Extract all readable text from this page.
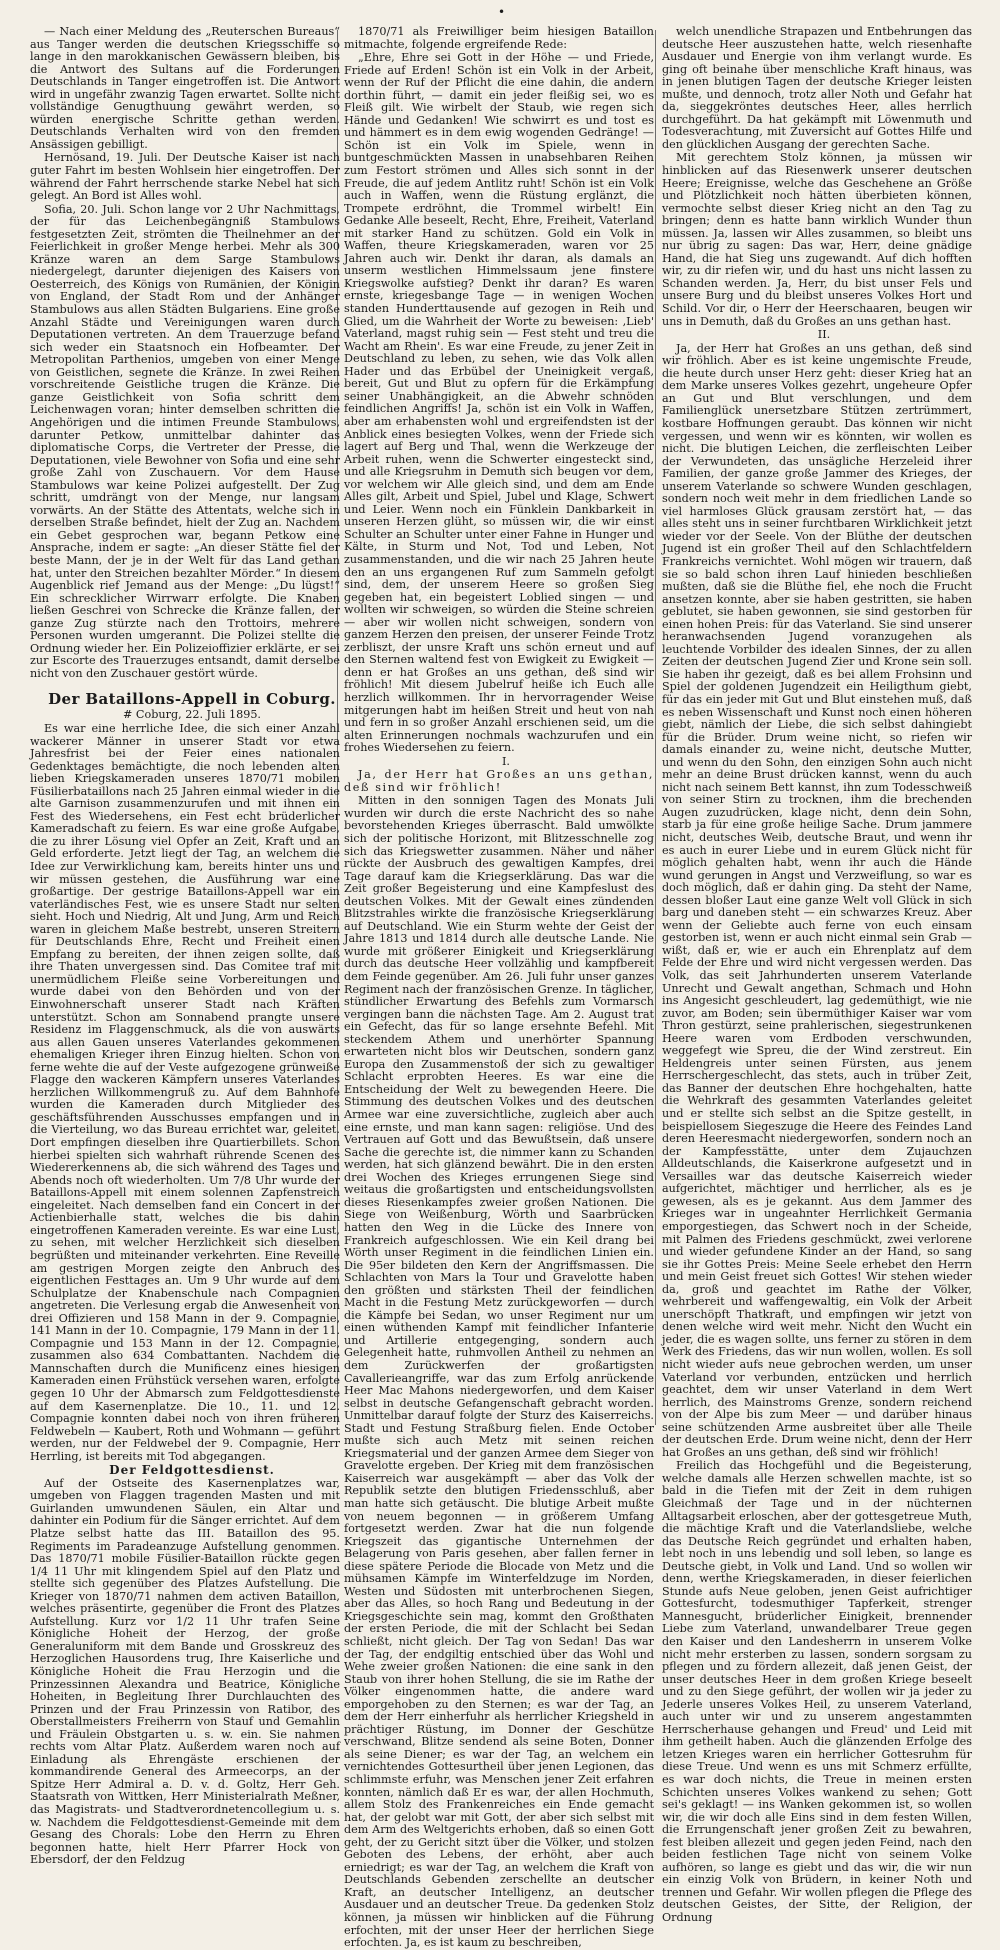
•

— Nach einer Meldung des „Reuterschen Bureaus“ aus Tanger werden die deutschen Kriegsschiffe so lange in den marokkanischen Gewässern bleiben, bis die Antwort des Sultans auf die Forderungen Deutschlands in Tanger eingetroffen ist. Die Antwort wird in ungefähr zwanzig Tagen erwartet. Sollte nicht vollständige Genugthuung gewährt werden, so würden energische Schritte gethan werden. Deutschlands Verhalten wird von den fremden Ansässigen gebilligt.

Hernösand, 19. Juli. Der Deutsche Kaiser ist nach guter Fahrt im besten Wohlsein hier eingetroffen. Der während der Fahrt herrschende starke Nebel hat sich gelegt. An Bord ist Alles wohl.

Sofia, 20. Juli. Schon lange vor 2 Uhr Nachmittags, der für das Leichenbegängniß Stambulows festgesetzten Zeit, strömten die Theilnehmer an der Feierlichkeit in großer Menge herbei. Mehr als 300 Kränze waren an dem Sarge Stambulows niedergelegt, darunter diejenigen des Kaisers von Oesterreich, des Königs von Rumänien, der Königin von England, der Stadt Rom und der Anhänger Stambulows aus allen Städten Bulgariens. Eine große Anzahl Städte und Vereinigungen waren durch Deputationen vertreten. An dem Trauerzuge befand sich weder ein Staatsnoch ein Hofbeamter. Der Metropolitan Parthenios, umgeben von einer Menge von Geistlichen, segnete die Kränze. In zwei Reihen vorschreitende Geistliche trugen die Kränze. Die ganze Geistlichkeit von Sofia schritt dem Leichenwagen voran; hinter demselben schritten die Angehörigen und die intimen Freunde Stambulows, darunter Petkow, unmittelbar dahinter das diplomatische Corps, die Vertreter der Presse, die Deputationen, viele Bewohner von Sofia und eine sehr große Zahl von Zuschauern. Vor dem Hause Stambulows war keine Polizei aufgestellt. Der Zug schritt, umdrängt von der Menge, nur langsam vorwärts. An der Stätte des Attentats, welche sich in derselben Straße befindet, hielt der Zug an. Nachdem ein Gebet gesprochen war, begann Petkow eine Ansprache, indem er sagte: „An dieser Stätte fiel der beste Mann, der je in der Welt für das Land gethan hat, unter den Streichen bezahlter Mörder.“ In diesem Augenblick rief Jemand aus der Menge: „Du lügst!“ Ein schrecklicher Wirrwarr erfolgte. Die Knaben ließen Geschrei von Schrecke die Kränze fallen, der ganze Zug stürzte nach den Trottoirs, mehrere Personen wurden umgerannt. Die Polizei stellte die Ordnung wieder her. Ein Polizeioffizier erklärte, er sei zur Escorte des Trauerzuges entsandt, damit derselbe nicht von den Zuschauer gestört würde.

Der Bataillons-Appell in Coburg.

# Coburg, 22. Juli 1895.

Es war eine herrliche Idee, die sich einer Anzahl wackerer Männer in unserer Stadt vor etwa Jahresfrist bei der Feier eines nationalen Gedenktages bemächtigte, die noch lebenden alten lieben Kriegskameraden unseres 1870/71 mobilen Füsilierbataillons nach 25 Jahren einmal wieder in die alte Garnison zusammenzurufen und mit ihnen ein Fest des Wiedersehens, ein Fest echt brüderlicher Kameradschaft zu feiern. Es war eine große Aufgabe, die zu ihrer Lösung viel Opfer an Zeit, Kraft und an Geld erforderte. Jetzt liegt der Tag, an welchem die Idee zur Verwirklichung kam, bereits hinter uns und wir müssen gestehen, die Ausführung war eine großartige. Der gestrige Bataillons-Appell war ein vaterländisches Fest, wie es unsere Stadt nur selten sieht. Hoch und Niedrig, Alt und Jung, Arm und Reich waren in gleichem Maße bestrebt, unseren Streitern für Deutschlands Ehre, Recht und Freiheit einen Empfang zu bereiten, der ihnen zeigen sollte, daß ihre Thaten unvergessen sind. Das Comitee traf mit unermüdlichem Fleiße seine Vorbereitungen und wurde dabei von den Behörden und von der Einwohnerschaft unserer Stadt nach Kräften unterstützt. Schon am Sonnabend prangte unsere Residenz im Flaggenschmuck, als die von auswärts aus allen Gauen unseres Vaterlandes gekommenen ehemaligen Krieger ihren Einzug hielten. Schon von ferne wehte die auf der Veste aufgezogene grünweiße Flagge den wackeren Kämpfern unseres Vaterlandes herzlichen Willkommengruß zu. Auf dem Bahnhofe wurden die Kameraden durch Mitglieder des geschäftsführenden Ausschusses empfangen und in die Vierteilung, wo das Bureau errichtet war, geleitet. Dort empfingen dieselben ihre Quartierbillets. Schon hierbei spielten sich wahrhaft rührende Scenen des Wiedererkennens ab, die sich während des Tages und Abends noch oft wiederholten. Um 7/8 Uhr wurde der Bataillons-Appell mit einem solennen Zapfenstreich eingeleitet. Nach demselben fand ein Concert in der Actienbierhalle statt, welches die bis dahin eingetroffenen Kameraden vereinte. Es war eine Lust, zu sehen, mit welcher Herzlichkeit sich dieselben begrüßten und miteinander verkehrten. Eine Reveille am gestrigen Morgen zeigte den Anbruch des eigentlichen Festtages an. Um 9 Uhr wurde auf dem Schulplatze der Knabenschule nach Compagnien angetreten. Die Verlesung ergab die Anwesenheit von drei Offizieren und 158 Mann in der 9. Compagnie, 141 Mann in der 10. Compagnie, 179 Mann in der 11. Compagnie und 153 Mann in der 12. Compagnie, zusammen also 634 Combattanten. Nachdem die Mannschaften durch die Munificenz eines hiesigen Kameraden einen Frühstück versehen waren, erfolgte gegen 10 Uhr der Abmarsch zum Feldgottesdienste auf dem Kasernenplatze. Die 10., 11. und 12. Compagnie konnten dabei noch von ihren früheren Feldwebeln — Kaubert, Roth und Wohmann — geführt werden, nur der Feldwebel der 9. Compagnie, Herr Herrling, ist bereits mit Tod abgegangen.

Der Feldgottesdienst.

Auf der Ostseite des Kasernenplatzes war, umgeben von Flaggen tragenden Masten und mit Guirlanden umwundenen Säulen, ein Altar und dahinter ein Podium für die Sänger errichtet. Auf dem Platze selbst hatte das III. Bataillon des 95. Regiments im Paradeanzuge Aufstellung genommen. Das 1870/71 mobile Füsilier-Bataillon rückte gegen 1/4 11 Uhr mit klingendem Spiel auf den Platz und stellte sich gegenüber des Platzes Aufstellung. Die Krieger von 1870/71 nahmen dem activen Bataillon, welches präsentirte, gegenüber die Front des Platzes Aufstellung. Kurz vor 1/2 11 Uhr trafen Seine Königliche Hoheit der Herzog, der große Generaluniform mit dem Bande und Grosskreuz des Herzoglichen Hausordens trug, Ihre Kaiserliche und Königliche Hoheit die Frau Herzogin und die Prinzessinnen Alexandra und Beatrice, Königliche Hoheiten, in Begleitung Ihrer Durchlauchten des Prinzen und der Frau Prinzessin von Ratibor, des Oberstallmeisters Freiherrn von Stauf und Gemahlin und Fräulein Obstgarten u. s. w. ein. Sie nahmen rechts vom Altar Platz. Außerdem waren noch auf Einladung als Ehrengäste erschienen der kommandirende General des Armeecorps, an der Spitze Herr Admiral a. D. v. d. Goltz, Herr Geh. Staatsrath von Wittken, Herr Ministerialrath Meßner, das Magistrats- und Stadtverordnetencollegium u. s. w. Nachdem die Feldgottesdienst-Gemeinde mit dem Gesang des Chorals: Lobe den Herrn zu Ehren begonnen hatte, hielt Herr Pfarrer Hock von Ebersdorf, der den Feldzug

1870/71 als Freiwilliger beim hiesigen Bataillon mitmachte, folgende ergreifende Rede:

„Ehre, Ehre sei Gott in der Höhe — und Friede, Friede auf Erden! Schön ist ein Volk in der Arbeit, wenn der Ruf der Pflicht die eine dahin, die andern dorthin führt, — damit ein jeder fleißig sei, wo es Fleiß gilt. Wie wirbelt der Staub, wie regen sich Hände und Gedanken! Wie schwirrt es und tost es und hämmert es in dem ewig wogenden Gedränge! — Schön ist ein Volk im Spiele, wenn in buntgeschmückten Massen in unabsehbaren Reihen zum Festort strömen und Alles sich sonnt in der Freude, die auf jedem Antlitz ruht! Schön ist ein Volk auch in Waffen, wenn die Rüstung erglänzt, die Trompete erdröhnt, die Trommel wirbelt! Ein Gedanke Alle beseelt, Recht, Ehre, Freiheit, Vaterland mit starker Hand zu schützen. Gold ein Volk in Waffen, theure Kriegskameraden, waren vor 25 Jahren auch wir. Denkt ihr daran, als damals an unserm westlichen Himmelssaum jene finstere Kriegswolke aufstieg? Denkt ihr daran? Es waren ernste, kriegesbange Tage — in wenigen Wochen standen Hunderttausende auf gezogen in Reih und Glied, um die Wahrheit der Worte zu beweisen: ,Lieb' Vaterland, magst ruhig sein — Fest steht und treu die Wacht am Rhein'. Es war eine Freude, zu jener Zeit in Deutschland zu leben, zu sehen, wie das Volk allen Hader und das Erbübel der Uneinigkeit vergaß, bereit, Gut und Blut zu opfern für die Erkämpfung seiner Unabhängigkeit, an die Abwehr schnöden feindlichen Angriffs! Ja, schön ist ein Volk in Waffen, aber am erhabensten wohl und ergreifendsten ist der Anblick eines besiegten Volkes, wenn der Friede sich lagert auf Berg und Thal, wenn die Werkzeuge der Arbeit ruhen, wenn die Schwerter eingesteckt sind, und alle Kriegsruhm in Demuth sich beugen vor dem, vor welchem wir Alle gleich sind, und dem am Ende Alles gilt, Arbeit und Spiel, Jubel und Klage, Schwert und Leier. Wenn noch ein Fünklein Dankbarkeit in unseren Herzen glüht, so müssen wir, die wir einst Schulter an Schulter unter einer Fahne in Hunger und Kälte, in Sturm und Not, Tod und Leben, Not zusammenstanden, und die wir nach 25 Jahren heute den an uns ergangenen Ruf zum Sammeln gefolgt sind, dem, der unserem Heere so großen Sieg gegeben hat, ein begeistert Loblied singen — und wollten wir schweigen, so würden die Steine schreien — aber wir wollen nicht schweigen, sondern von ganzem Herzen den preisen, der unserer Feinde Trotz zerbliszt, der unsre Kraft uns schön erneut und auf den Sternen waltend fest von Ewigkeit zu Ewigkeit — denn er hat Großes an uns gethan, deß sind wir fröhlich! Mit diesem Jubelruf heiße ich Euch alle herzlich willkommen. Ihr in hervorragender Weise mitgerungen habt im heißen Streit und heut von nah und fern in so großer Anzahl erschienen seid, um die alten Erinnerungen nochmals wachzurufen und ein frohes Wiedersehen zu feiern.

I.

Ja, der Herr hat Großes an uns gethan, deß sind wir fröhlich!

Mitten in den sonnigen Tagen des Monats Juli wurden wir durch die erste Nachricht des so nahe bevorstehenden Krieges überrascht. Bald umwölkte sich der politische Horizont, mit Blitzesschnelle zog sich das Kriegswetter zusammen. Näher und näher rückte der Ausbruch des gewaltigen Kampfes, drei Tage darauf kam die Kriegserklärung. Das war die Zeit großer Begeisterung und eine Kampfeslust des deutschen Volkes. Mit der Gewalt eines zündenden Blitzstrahles wirkte die französische Kriegserklärung auf Deutschland. Wie ein Sturm wehte der Geist der Jahre 1813 und 1814 durch alle deutsche Lande. Nie wurde mit größerer Einigkeit und Kriegserklärung durch das deutsche Heer vollzählig und kampfbereit dem Feinde gegenüber. Am 26. Juli fuhr unser ganzes Regiment nach der französischen Grenze. In täglicher, stündlicher Erwartung des Befehls zum Vormarsch vergingen bann die nächsten Tage. Am 2. August trat ein Gefecht, das für so lange ersehnte Befehl. Mit steckendem Athem und unerhörter Spannung erwarteten nicht blos wir Deutschen, sondern ganz Europa den Zusammenstoß der sich zu gewaltiger Schlacht erprobten Heeres. Es war eine die Entscheidung der Welt zu bewegenden Heere. Die Stimmung des deutschen Volkes und des deutschen Armee war eine zuversichtliche, zugleich aber auch eine ernste, und man kann sagen: religiöse. Und des Vertrauen auf Gott und das Bewußtsein, daß unsere Sache die gerechte ist, die nimmer kann zu Schanden werden, hat sich glänzend bewährt. Die in den ersten drei Wochen des Krieges errungenen Siege sind weitaus die großartigsten und entscheidungsvollsten dieses Riesenkampfes zweier großen Nationen. Die Siege von Weißenburg, Wörth und Saarbrücken hatten den Weg in die Lücke des Innere von Frankreich aufgeschlossen. Wie ein Keil drang bei Wörth unser Regiment in die feindlichen Linien ein. Die 95er bildeten den Kern der Angriffsmassen. Die Schlachten von Mars la Tour und Gravelotte haben den größten und stärksten Theil der feindlichen Macht in die Festung Metz zurückgeworfen — durch die Kämpfe bei Sedan, wo unser Regiment nur um einen wüthenden Kampf mit feindlicher Infanterie und Artillerie entgegenging, sondern auch Gelegenheit hatte, ruhmvollen Antheil zu nehmen an dem Zurückwerfen der großartigsten Cavallerieangriffe, war das zum Erfolg anrückende Heer Mac Mahons niedergeworfen, und dem Kaiser selbst in deutsche Gefangenschaft gebracht worden. Unmittelbar darauf folgte der Sturz des Kaiserreichs. Stadt und Festung Straßburg fielen. Ende October mußte sich auch Metz mit seinen reichen Kriegsmaterial und der ganzen Armee dem Sieger von Gravelotte ergeben. Der Krieg mit dem französischen Kaiserreich war ausgekämpft — aber das Volk der Republik setzte den blutigen Friedensschluß, aber man hatte sich getäuscht. Die blutige Arbeit mußte von neuem begonnen — in größerem Umfang fortgesetzt werden. Zwar hat die nun folgende Kriegszeit das gigantische Unternehmen der Belagerung von Paris gesehen, aber fallen ferner in diese spätere Periode die Blocade von Metz und die mühsamen Kämpfe im Winterfeldzuge im Norden, Westen und Südosten mit unterbrochenen Siegen, aber das Alles, so hoch Rang und Bedeutung in der Kriegsgeschichte sein mag, kommt den Großthaten der ersten Periode, die mit der Schlacht bei Sedan schließt, nicht gleich. Der Tag von Sedan! Das war der Tag, der endgiltig entschied über das Wohl und Wehe zweier großen Nationen: die eine sank in den Staub von ihrer hohen Stellung, die sie im Rathe der Völker eingenommen hatte, die andere ward emporgehoben zu den Sternen; es war der Tag, an dem der Herr einherfuhr als herrlicher Kriegsheld in prächtiger Rüstung, im Donner der Geschütze verschwand, Blitze sendend als seine Boten, Donner als seine Diener; es war der Tag, an welchem ein vernichtendes Gottesurtheil über jenen Legionen, das schlimmste erfuhr, was Menschen jener Zeit erfahren konnten, nämlich daß Er es war, der allen Hochmuth, allem Stolz des Frankenreiches ein Ende gemacht hat, der gelobt war mit Gott, der aber sich selbst mit dem Arm des Weltgerichts erhoben, daß so einen Gott geht, der zu Gericht sitzt über die Völker, und stolzen Geboten des Lebens, der erhöht, aber auch erniedrigt; es war der Tag, an welchem die Kraft von Deutschlands Gebenden zerschellte an deutscher Kraft, an deutscher Intelligenz, an deutscher Ausdauer und an deutscher Treue. Da gedenken Stolz können, ja müssen wir hinblicken auf die Führung erfochten, mit der unser Heer der herrlichen Siege erfochten. Ja, es ist kaum zu beschreiben,

welch unendliche Strapazen und Entbehrungen das deutsche Heer auszustehen hatte, welch riesenhafte Ausdauer und Energie von ihm verlangt wurde. Es ging oft beinahe über menschliche Kraft hinaus, was in jenen blutigen Tagen der deutsche Krieger leisten mußte, und dennoch, trotz aller Noth und Gefahr hat da, sieggekröntes deutsches Heer, alles herrlich durchgeführt. Da hat gekämpft mit Löwenmuth und Todesverachtung, mit Zuversicht auf Gottes Hilfe und den glücklichen Ausgang der gerechten Sache.

Mit gerechtem Stolz können, ja müssen wir hinblicken auf das Riesenwerk unserer deutschen Heere; Ereignisse, welche das Geschehene an Größe und Plötzlichkeit noch hätten überbieten können, vermochte selbst dieser Krieg nicht an den Tag zu bringen; denn es hatte bann wirklich Wunder thun müssen. Ja, lassen wir Alles zusammen, so bleibt uns nur übrig zu sagen: Das war, Herr, deine gnädige Hand, die hat Sieg uns zugewandt. Auf dich hofften wir, zu dir riefen wir, und du hast uns nicht lassen zu Schanden werden. Ja, Herr, du bist unser Fels und unsere Burg und du bleibst unseres Volkes Hort und Schild. Vor dir, o Herr der Heerschaaren, beugen wir uns in Demuth, daß du Großes an uns gethan hast.

II.

Ja, der Herr hat Großes an uns gethan, deß sind wir fröhlich. Aber es ist keine ungemischte Freude, die heute durch unser Herz geht: dieser Krieg hat an dem Marke unseres Volkes gezehrt, ungeheure Opfer an Gut und Blut verschlungen, und dem Familienglück unersetzbare Stützen zertrümmert, kostbare Hoffnungen geraubt. Das können wir nicht vergessen, und wenn wir es könnten, wir wollen es nicht. Die blutigen Leichen, die zerfleischten Leiber der Verwundeten, das unsägliche Herzeleid ihrer Familien, der ganze große Jammer des Krieges, der unserem Vaterlande so schwere Wunden geschlagen, sondern noch weit mehr in dem friedlichen Lande so viel harmloses Glück grausam zerstört hat, — das alles steht uns in seiner furchtbaren Wirklichkeit jetzt wieder vor der Seele. Von der Blüthe der deutschen Jugend ist ein großer Theil auf den Schlachtfeldern Frankreichs vernichtet. Wohl mögen wir trauern, daß sie so bald schon ihren Lauf hinieden beschließen mußten, daß sie die Blüthe fiel, ehe noch die Frucht ansetzen konnte, aber sie haben gestritten, sie haben geblutet, sie haben gewonnen, sie sind gestorben für einen hohen Preis: für das Vaterland. Sie sind unserer heranwachsenden Jugend voranzugehen als leuchtende Vorbilder des idealen Sinnes, der zu allen Zeiten der deutschen Jugend Zier und Krone sein soll. Sie haben ihr gezeigt, daß es bei allem Frohsinn und Spiel der goldenen Jugendzeit ein Heiligthum giebt, für das ein jeder mit Gut und Blut einstehen muß, daß es neben Wissenschaft und Kunst noch einen höheren giebt, nämlich der Liebe, die sich selbst dahingiebt für die Brüder. Drum weine nicht, so riefen wir damals einander zu, weine nicht, deutsche Mutter, und wenn du den Sohn, den einzigen Sohn auch nicht mehr an deine Brust drücken kannst, wenn du auch nicht nach seinem Bett kannst, ihn zum Todesschweiß von seiner Stirn zu trocknen, ihm die brechenden Augen zuzudrücken, klage nicht, denn dein Sohn, starb ja für eine große heilige Sache. Drum jammere nicht, deutsches Weib, deutsche Braut, und wenn ihr es auch in eurer Liebe und in eurem Glück nicht für möglich gehalten habt, wenn ihr auch die Hände wund gerungen in Angst und Verzweiflung, so war es doch möglich, daß er dahin ging. Da steht der Name, dessen bloßer Laut eine ganze Welt voll Glück in sich barg und daneben steht — ein schwarzes Kreuz. Aber wenn der Geliebte auch ferne von euch einsam gestorben ist, wenn er auch nicht einmal sein Grab — wißt, daß er, wie er auch ein Ehrenplatz auf dem Felde der Ehre und wird nicht vergessen werden. Das Volk, das seit Jahrhunderten unserem Vaterlande Unrecht und Gewalt angethan, Schmach und Hohn ins Angesicht geschleudert, lag gedemüthigt, wie nie zuvor, am Boden; sein übermüthiger Kaiser war vom Thron gestürzt, seine prahlerischen, siegestrunkenen Heere waren vom Erdboden verschwunden, weggefegt wie Spreu, die der Wind zerstreut. Ein Heldengreis unter seinen Fürsten, aus jenem Herrschergeschlecht, das stets, auch in trüber Zeit, das Banner der deutschen Ehre hochgehalten, hatte die Wehrkraft des gesammten Vaterlandes geleitet und er stellte sich selbst an die Spitze gestellt, in beispiellosem Siegeszuge die Heere des Feindes Land deren Heeresmacht niedergeworfen, sondern noch an der Kampfesstätte, unter dem Zujauchzen Alldeutschlands, die Kaiserkrone aufgesetzt und in Versailles war das deutsche Kaiserreich wieder aufgerichtet, mächtiger und herrlicher, als es je gewesen, als es je gekannt. Aus dem Jammer des Krieges war in ungeahnter Herrlichkeit Germania emporgestiegen, das Schwert noch in der Scheide, mit Palmen des Friedens geschmückt, zwei verlorene und wieder gefundene Kinder an der Hand, so sang sie ihr Gottes Preis: Meine Seele erhebet den Herrn und mein Geist freuet sich Gottes! Wir stehen wieder da, groß und geachtet im Rathe der Völker, wehrbereit und waffengewaltig, ein Volk der Arbeit unerschöpft Thatkraft, und empfingen wir jetzt von denen welche wird weit mehr. Nicht den Wucht ein jeder, die es wagen sollte, uns ferner zu stören in dem Werk des Friedens, das wir nun wollen, wollen. Es soll nicht wieder aufs neue gebrochen werden, um unser Vaterland vor verbunden, entzücken und herrlich geachtet, dem wir unser Vaterland in dem Wert herrlich, des Mainstroms Grenze, sondern reichend von der Alpe bis zum Meer — und darüber hinaus seine schützenden Arme ausbreitet über alle Theile der deutschen Erde. Drum weine nicht, denn der Herr hat Großes an uns gethan, deß sind wir fröhlich!

Freilich das Hochgefühl und die Begeisterung, welche damals alle Herzen schwellen machte, ist so bald in die Tiefen mit der Zeit in dem ruhigen Gleichmaß der Tage und in der nüchternen Alltagsarbeit erloschen, aber der gottesgetreue Muth, die mächtige Kraft und die Vaterlandsliebe, welche das Deutsche Reich gegründet und erhalten haben, lebt noch in uns lebendig und soll leben, so lange es Deutsche giebt, in Volk und Land. Und so wollen wir denn, werthe Kriegskameraden, in dieser feierlichen Stunde aufs Neue geloben, jenen Geist aufrichtiger Gottesfurcht, todesmuthiger Tapferkeit, strenger Mannesgucht, brüderlicher Einigkeit, brennender Liebe zum Vaterland, unwandelbarer Treue gegen den Kaiser und den Landesherrn in unserem Volke nicht mehr ersterben zu lassen, sondern sorgsam zu pflegen und zu fördern allezeit, daß jenen Geist, der unser deutsches Heer in dem großen Kriege beseelt und zu den Siege geführt, der wollen wir ja jeder zu Jederle unseres Volkes Heil, zu unserem Vaterland, auch unter wir und zu unserem angestammten Herrscherhause gehangen und Freud' und Leid mit ihm getheilt haben. Auch die glänzenden Erfolge des letzen Krieges waren ein herrlicher Gottesruhm für diese Treue. Und wenn es uns mit Schmerz erfüllte, es war doch nichts, die Treue in meinen ersten Schichten unseres Volkes wankend zu sehen; Gott sei's geklagt! — ins Wanken gekommen ist, so wollen wir, die wir doch alle Eins sind in dem festen Willen, die Errungenschaft jener großen Zeit zu bewahren, fest bleiben allezeit und gegen jeden Feind, nach den beiden festlichen Tage nicht von seinem Volke aufhören, so lange es giebt und das wir, die wir nun ein einzig Volk von Brüdern, in keiner Noth und trennen und Gefahr. Wir wollen pflegen die Pflege des deutschen Geistes, der Sitte, der Religion, der Ordnung
